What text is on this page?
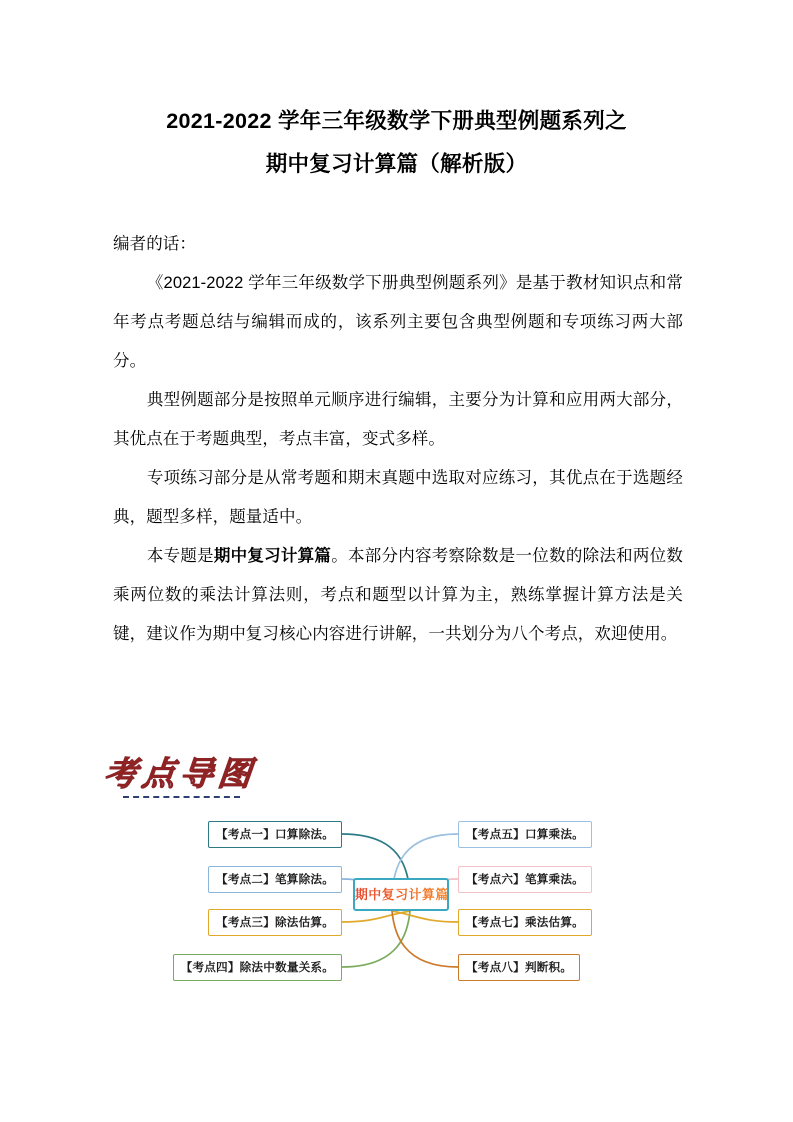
2021-2022 学年三年级数学下册典型例题系列之
期中复习计算篇（解析版）

编者的话：

《2021-2022 学年三年级数学下册典型例题系列》是基于教材知识点和常年考点考题总结与编辑而成的，该系列主要包含典型例题和专项练习两大部分。

典型例题部分是按照单元顺序进行编辑，主要分为计算和应用两大部分，其优点在于考题典型，考点丰富，变式多样。

专项练习部分是从常考题和期末真题中选取对应练习，其优点在于选题经典，题型多样，题量适中。

本专题是期中复习计算篇。本部分内容考察除数是一位数的除法和两位数乘两位数的乘法计算法则，考点和题型以计算为主，熟练掌握计算方法是关键，建议作为期中复习核心内容进行讲解，一共划分为八个考点，欢迎使用。

考点导图
【考点一】口算除法。
【考点二】笔算除法。
【考点三】除法估算。
【考点四】除法中数量关系。
期中复习计算篇
【考点五】口算乘法。
【考点六】笔算乘法。
【考点七】乘法估算。
【考点八】判断积。
